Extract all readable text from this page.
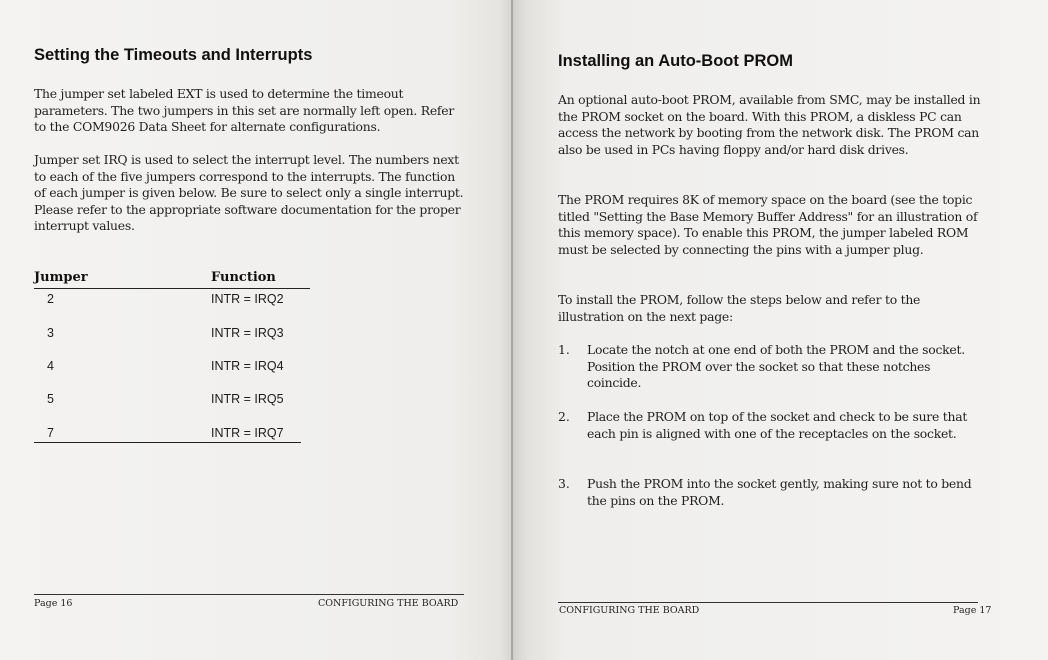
Setting the Timeouts and Interrupts

The jumper set labeled EXT is used to determine the timeout parameters. The two jumpers in this set are normally left open. Refer to the COM9026 Data Sheet for alternate configurations.

Jumper set IRQ is used to select the interrupt level. The numbers next to each of the five jumpers correspond to the interrupts. The function of each jumper is given below. Be sure to select only a single interrupt. Please refer to the appropriate software documentation for the proper interrupt values.

Jumper	Function
2	INTR = IRQ2
3	INTR = IRQ3
4	INTR = IRQ4
5	INTR = IRQ5
7	INTR = IRQ7
Page 16	CONFIGURING THE BOARD
Installing an Auto-Boot PROM

An optional auto-boot PROM, available from SMC, may be installed in the PROM socket on the board. With this PROM, a diskless PC can access the network by booting from the network disk. The PROM can also be used in PCs having floppy and/or hard disk drives.

The PROM requires 8K of memory space on the board (see the topic titled "Setting the Base Memory Buffer Address" for an illustration of this memory space). To enable this PROM, the jumper labeled ROM must be selected by connecting the pins with a jumper plug.

To install the PROM, follow the steps below and refer to the illustration on the next page:

1. Locate the notch at one end of both the PROM and the socket. Position the PROM over the socket so that these notches coincide.

2. Place the PROM on top of the socket and check to be sure that each pin is aligned with one of the receptacles on the socket.

3. Push the PROM into the socket gently, making sure not to bend the pins on the PROM.

CONFIGURING THE BOARD	Page 17
